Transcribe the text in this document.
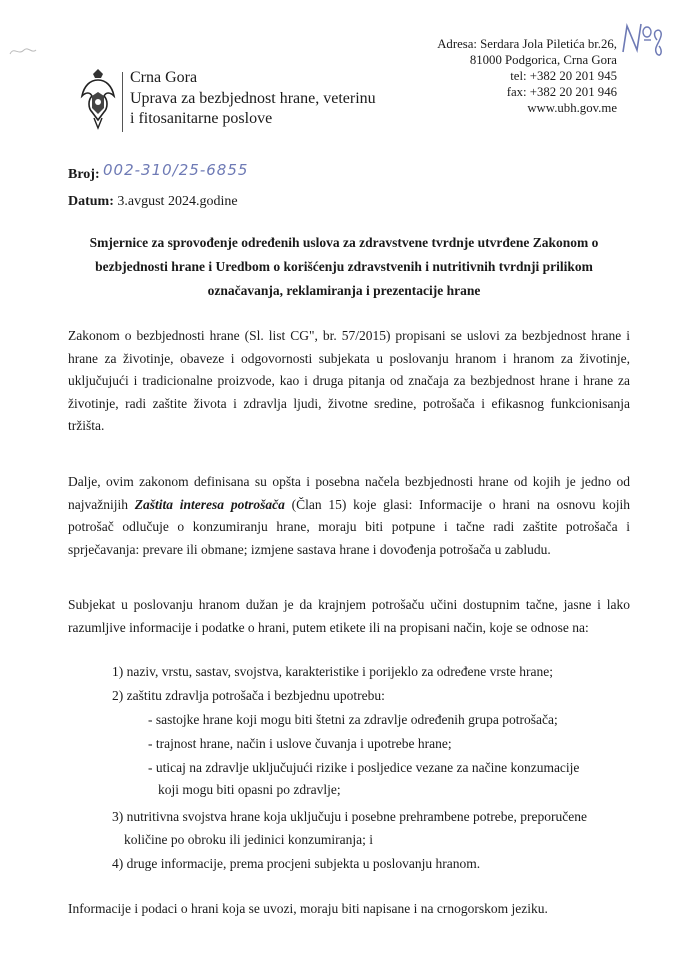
Crna Gora
Uprava za bezbjednost hrane, veterinu
i fitosanitarne poslove
Adresa: Serdara Jola Piletića br.26,
81000 Podgorica, Crna Gora
tel: +382 20 201 945
fax: +382 20 201 946
www.ubh.gov.me
Broj: 002-310/25-6855
Datum: 3.avgust 2024.godine
Smjernice za sprovođenje određenih uslova za zdravstvene tvrdnje utvrđene Zakonom o
bezbjednosti hrane i Uredbom o korišćenju zdravstvenih i nutritivnih tvrdnji prilikom
označavanja, reklamiranja i prezentacije hrane
Zakonom o bezbjednosti hrane (Sl. list CG", br. 57/2015) propisani se uslovi za bezbjednost hrane i hrane za životinje, obaveze i odgovornosti subjekata u poslovanju hranom i hranom za životinje, uključujući i tradicionalne proizvode, kao i druga pitanja od značaja za bezbjednost hrane i hrane za životinje, radi zaštite života i zdravlja ljudi, životne sredine, potrošača i efikasnog funkcionisanja tržišta.
Dalje, ovim zakonom definisana su opšta i posebna načela bezbjednosti hrane od kojih je jedno od najvažnijih Zaštita interesa potrošača (Član 15) koje glasi: Informacije o hrani na osnovu kojih potrošač odlučuje o konzumiranju hrane, moraju biti potpune i tačne radi zaštite potrošača i sprječavanja: prevare ili obmane; izmjene sastava hrane i dovođenja potrošača u zabludu.
Subjekat u poslovanju hranom dužan je da krajnjem potrošaču učini dostupnim tačne, jasne i lako razumljive informacije i podatke o hrani, putem etikete ili na propisani način, koje se odnose na:
1) naziv, vrstu, sastav, svojstva, karakteristike i porijeklo za određene vrste hrane;
2) zaštitu zdravlja potrošača i bezbjednu upotrebu:
- sastojke hrane koji mogu biti štetni za zdravlje određenih grupa potrošača;
- trajnost hrane, način i uslove čuvanja i upotrebe hrane;
- uticaj na zdravlje uključujući rizike i posljedice vezane za načine konzumacije
koji mogu biti opasni po zdravlje;
3) nutritivna svojstva hrane koja uključuju i posebne prehrambene potrebe, preporučene
količine po obroku ili jedinici konzumiranja; i
4) druge informacije, prema procjeni subjekta u poslovanju hranom.
Informacije i podaci o hrani koja se uvozi, moraju biti napisane i na crnogorskom jeziku.
